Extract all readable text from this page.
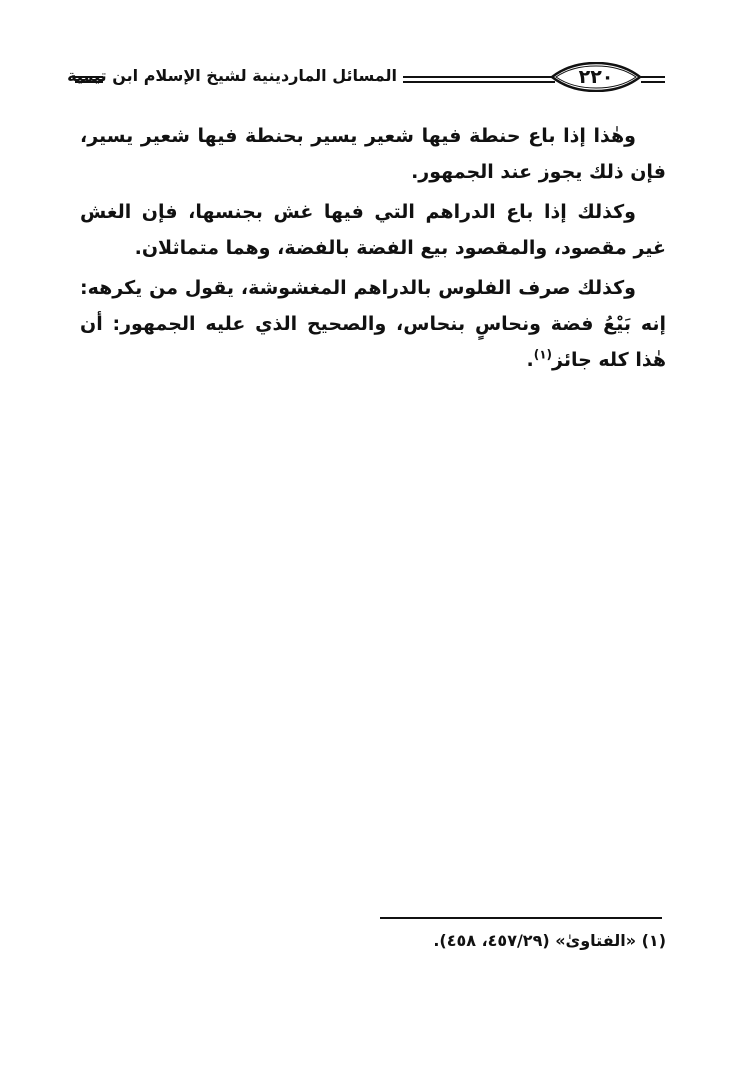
المسائل الماردينية لشيخ الإسلام ابن تيمية	٢٢٠

وهٰذا إذا باع حنطة فيها شعير يسير بحنطة فيها شعير يسير، فإن ذلك يجوز عند الجمهور.

وكذلك إذا باع الدراهم التي فيها غش بجنسها، فإن الغش غير مقصود، والمقصود بيع الفضة بالفضة، وهما متماثلان.

وكذلك صرف الفلوس بالدراهم المغشوشة، يقول من يكرهه: إنه بَيْعُ فضة ونحاسٍ بنحاس، والصحيح الذي عليه الجمهور: أن هٰذا كله جائز$^{(١)}$.

(١) «الفتاوىٰ» (٤٥٧/٢٩، ٤٥٨).
